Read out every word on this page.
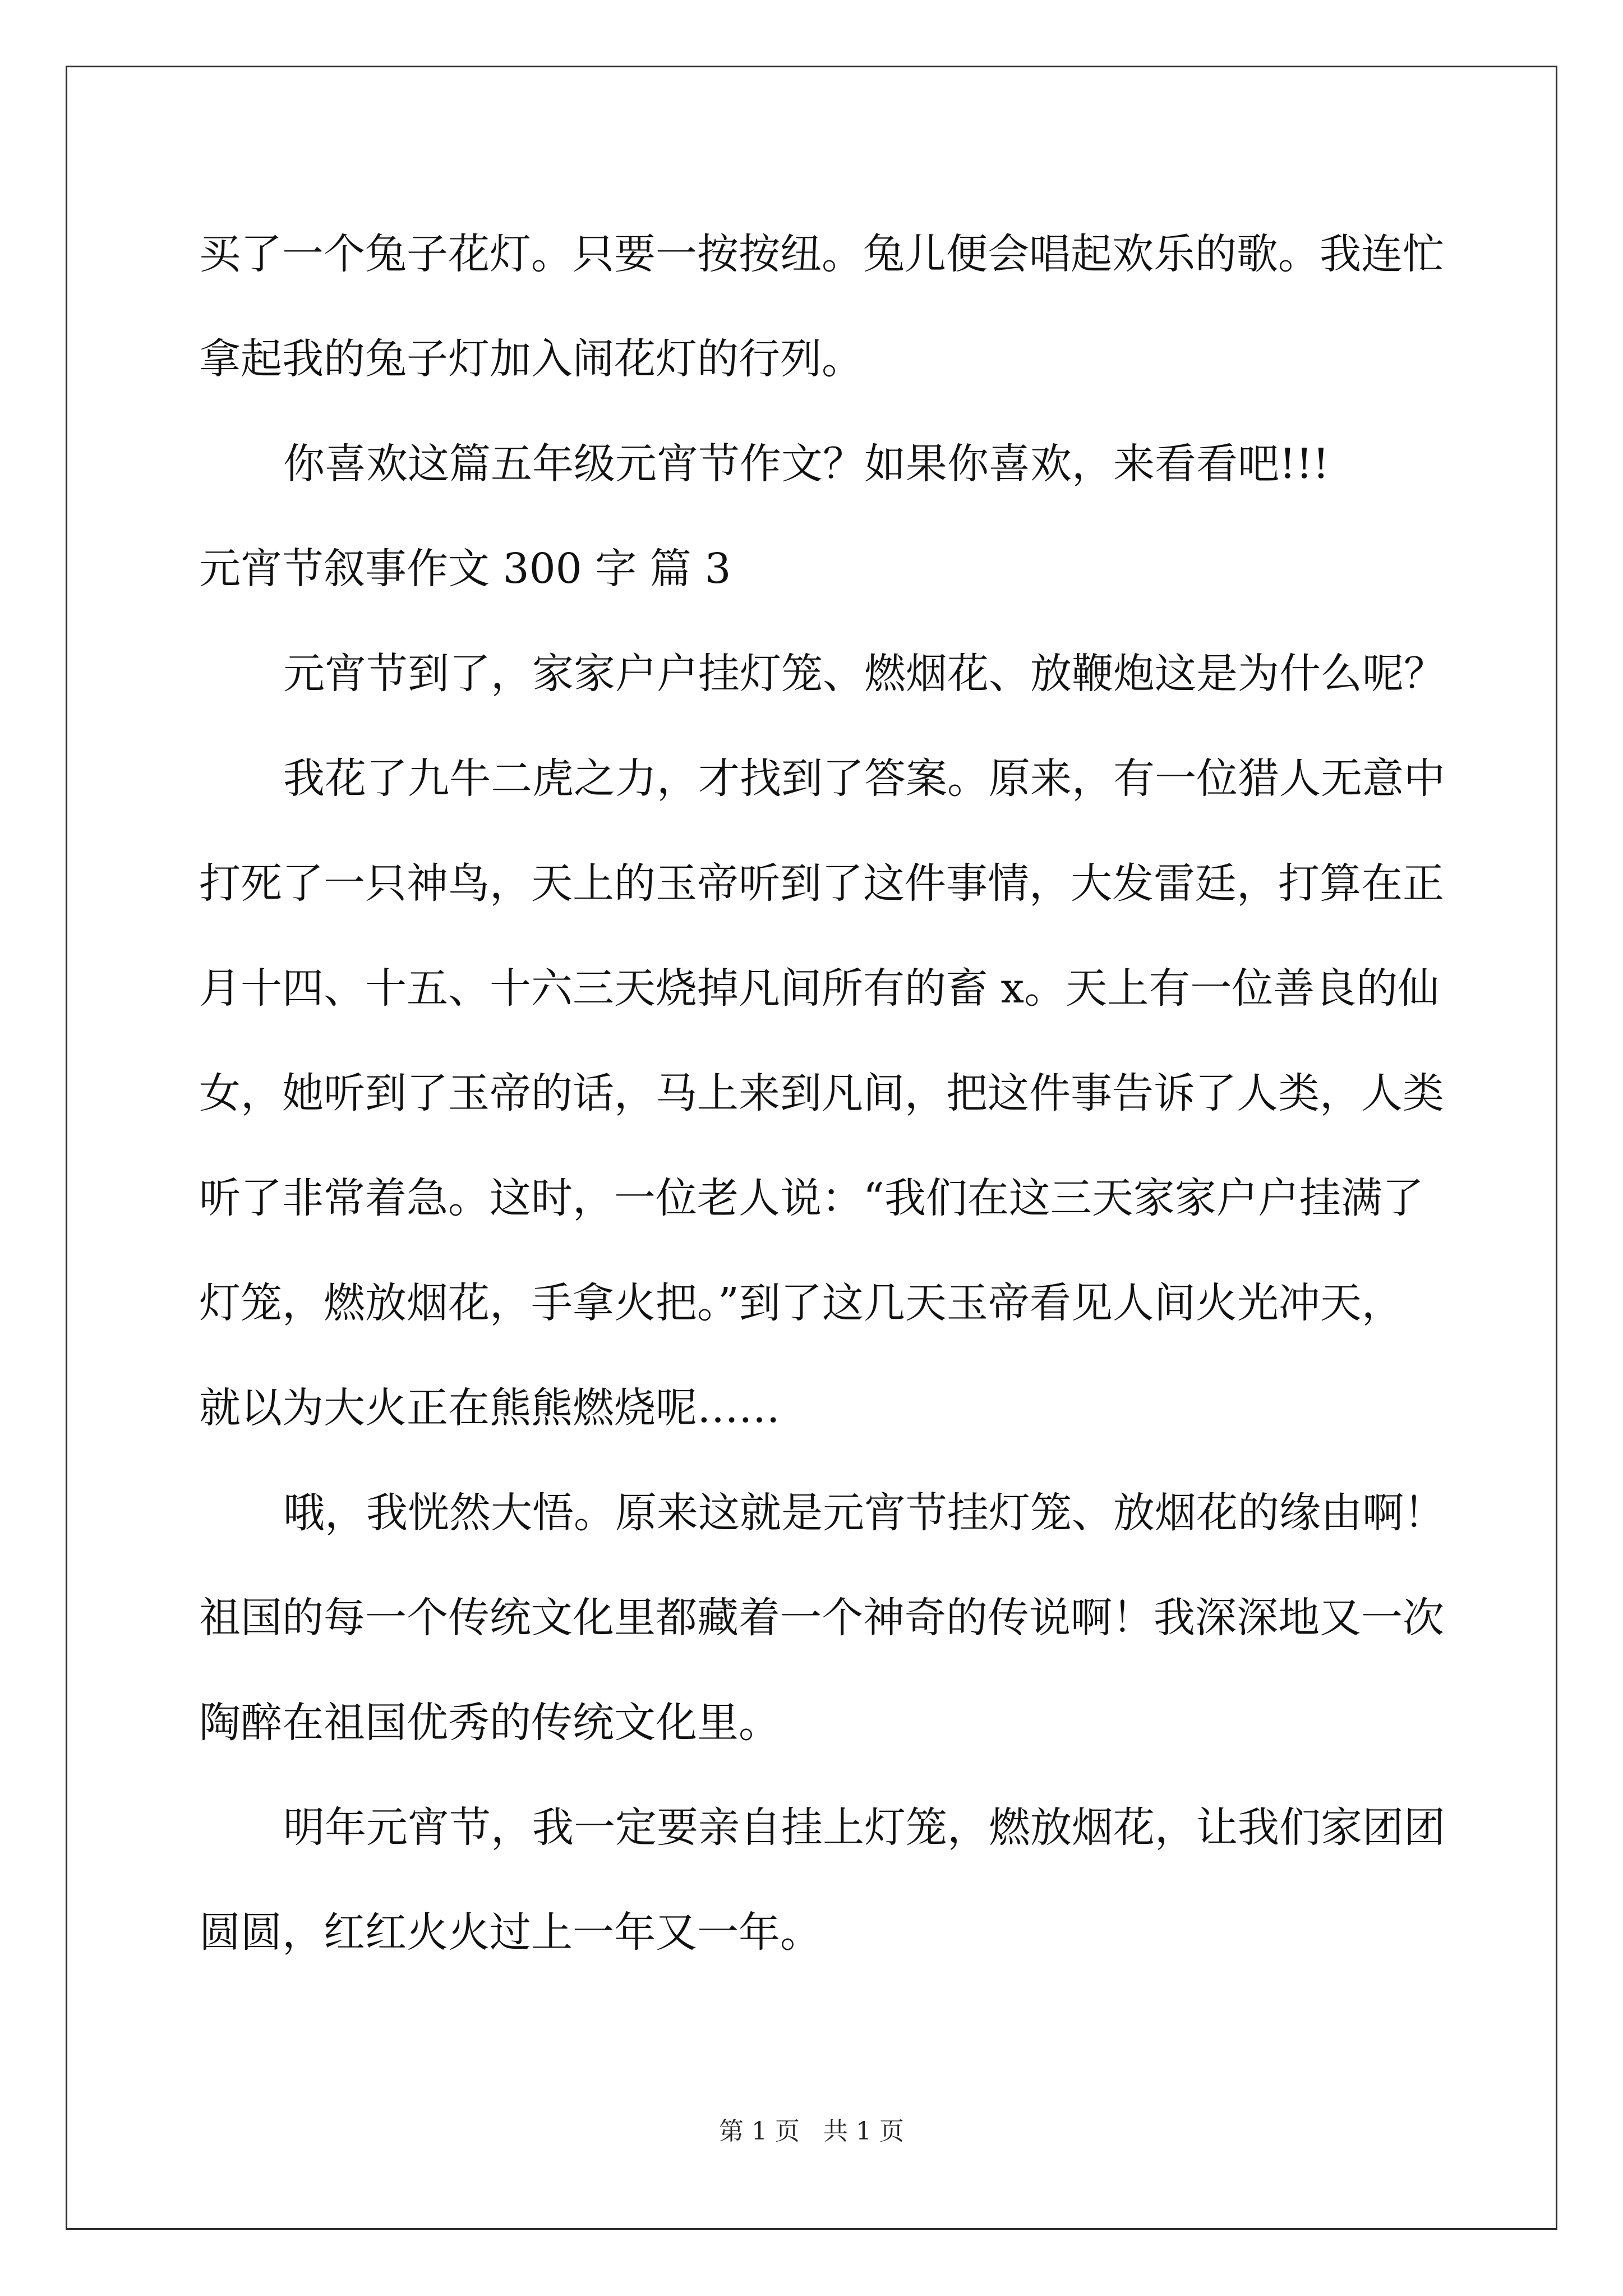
买了一个兔子花灯。只要一按按纽。兔儿便会唱起欢乐的歌。我连忙
拿起我的兔子灯加入闹花灯的行列。
你喜欢这篇五年级元宵节作文？如果你喜欢，来看看吧!!!
元宵节叙事作文 300 字 篇 3
元宵节到了，家家户户挂灯笼、燃烟花、放鞭炮这是为什么呢？
我花了九牛二虎之力，才找到了答案。原来，有一位猎人无意中
打死了一只神鸟，天上的玉帝听到了这件事情，大发雷廷，打算在正
月十四、十五、十六三天烧掉凡间所有的畜 x。天上有一位善良的仙
女，她听到了玉帝的话，马上来到凡间，把这件事告诉了人类，人类
听了非常着急。这时，一位老人说：“我们在这三天家家户户挂满了
灯笼，燃放烟花，手拿火把。”到了这几天玉帝看见人间火光冲天，
就以为大火正在熊熊燃烧呢……
哦，我恍然大悟。原来这就是元宵节挂灯笼、放烟花的缘由啊！
祖国的每一个传统文化里都藏着一个神奇的传说啊！我深深地又一次
陶醉在祖国优秀的传统文化里。
明年元宵节，我一定要亲自挂上灯笼，燃放烟花，让我们家团团
圆圆，红红火火过上一年又一年。
第 1 页 共 1 页
